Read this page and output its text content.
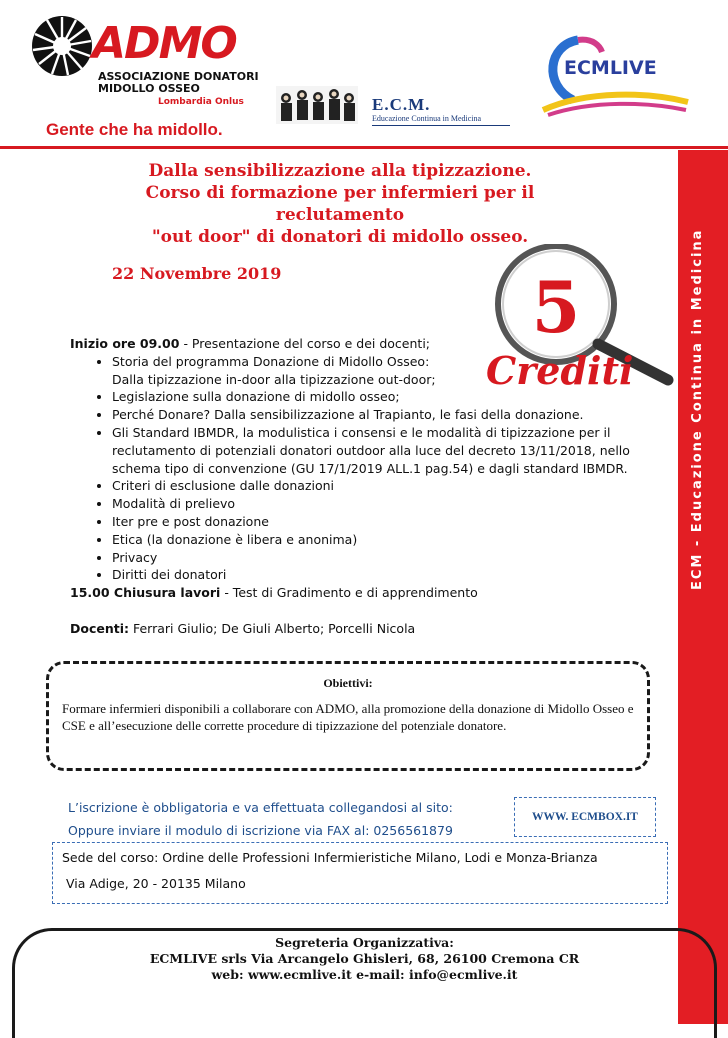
ADMO
ASSOCIAZIONE DONATORI
MIDOLLO OSSEO
Lombardia Onlus
Gente che ha midollo.
E.C.M.
Educazione Continua in Medicina
ECMLIVE
Dalla sensibilizzazione alla tipizzazione.
Corso di formazione per infermieri per il reclutamento
"out door" di donatori di midollo osseo.
22 Novembre 2019	5
Crediti
Inizio ore 09.00 - Presentazione del corso e dei docenti;
• Storia del programma Donazione di Midollo Osseo: Dalla tipizzazione in-door alla tipizzazione out-door;
• Legislazione sulla donazione di midollo osseo;
• Perché Donare? Dalla sensibilizzazione al Trapianto, le fasi della donazione.
• Gli Standard IBMDR, la modulistica i consensi e le modalità di tipizzazione per il reclutamento di potenziali donatori outdoor alla luce del decreto 13/11/2018, nello schema tipo di convenzione (GU 17/1/2019 ALL.1 pag.54) e dagli standard IBMDR.
• Criteri di esclusione dalle donazioni
• Modalità di prelievo
• Iter pre e post donazione
• Etica (la donazione è libera e anonima)
• Privacy
• Diritti dei donatori
15.00 Chiusura lavori - Test di Gradimento e di apprendimento
Docenti: Ferrari Giulio; De Giuli Alberto; Porcelli Nicola
Obiettivi:
Formare infermieri disponibili a collaborare con ADMO, alla promozione della donazione di Midollo Osseo e CSE e all’esecuzione delle corrette procedure di tipizzazione del potenziale donatore.
L’iscrizione è obbligatoria e va effettuata collegandosi al sito:
Oppure inviare il modulo di iscrizione via FAX al: 0256561879
WWW. ECMBOX.IT
Sede del corso: Ordine delle Professioni Infermieristiche Milano, Lodi e Monza-Brianza
Via Adige, 20 - 20135 Milano
Segreteria Organizzativa:
ECMLIVE srls Via Arcangelo Ghisleri, 68, 26100 Cremona CR
web: www.ecmlive.it e-mail: info@ecmlive.it
